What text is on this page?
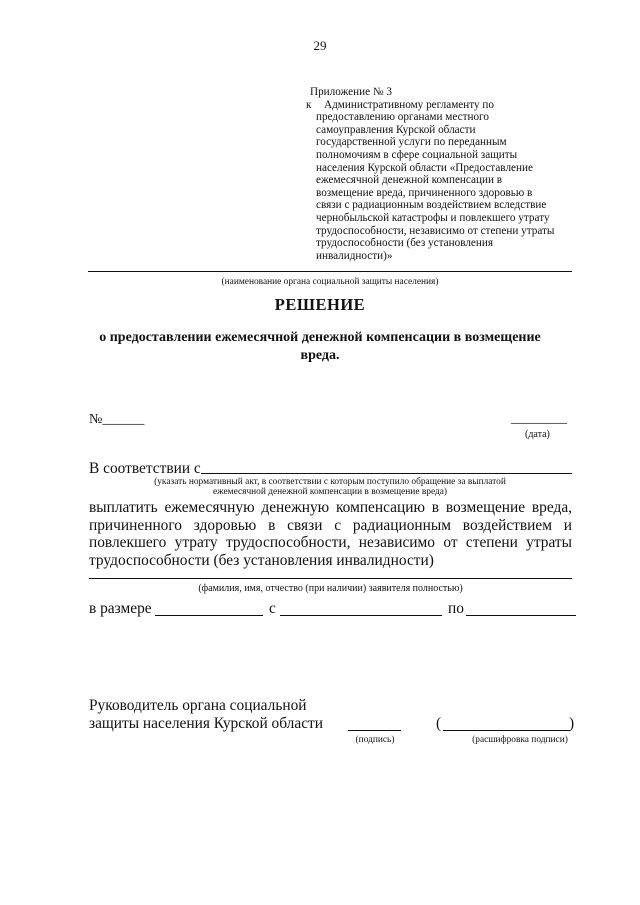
29
Приложение № 3
к	Административному регламенту по
предоставлению органами местного
самоуправления Курской области
государственной услуги по переданным
полномочиям в сфере социальной защиты
населения Курской области «Предоставление
ежемесячной денежной компенсации в
возмещение вреда, причиненного здоровью в
связи с радиационным воздействием вследствие
чернобыльской катастрофы и повлекшего утрату
трудоспособности, независимо от степени утраты
трудоспособности (без установления
инвалидности)»
(наименование органа социальной защиты населения)
РЕШЕНИЕ
о предоставлении ежемесячной денежной компенсации в возмещение
вреда.
№______	________
(дата)
В соответствии с
(указать нормативный акт, в соответствии с которым поступило обращение за выплатой
ежемесячной денежной компенсации в возмещение вреда)
выплатить ежемесячную денежную компенсацию в возмещение вреда,
причиненного здоровью в связи с радиационным воздействием и
повлекшего утрату трудоспособности, независимо от степени утраты
трудоспособности (без установления инвалидности)
(фамилия, имя, отчество (при наличии) заявителя полностью)
в размере	с	по
Руководитель органа социальной
защиты населения Курской области
(подпись)
(	)
(расшифровка подписи)
